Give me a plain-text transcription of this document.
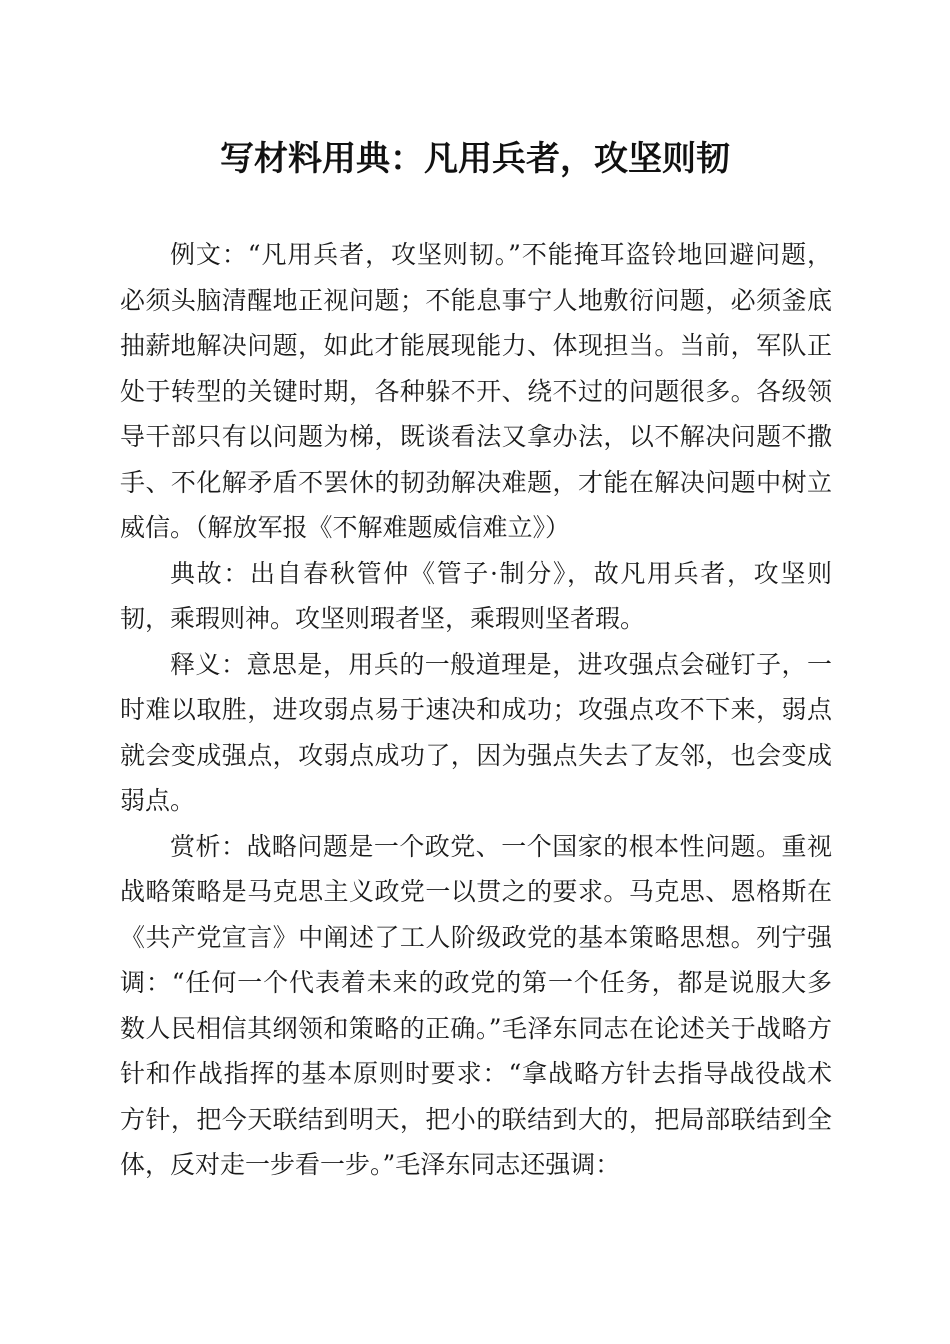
写材料用典：凡用兵者，攻坚则韧

例文：“凡用兵者，攻坚则韧。”不能掩耳盗铃地回避问题，必须头脑清醒地正视问题；不能息事宁人地敷衍问题，必须釜底抽薪地解决问题，如此才能展现能力、体现担当。当前，军队正处于转型的关键时期，各种躲不开、绕不过的问题很多。各级领导干部只有以问题为梯，既谈看法又拿办法，以不解决问题不撒手、不化解矛盾不罢休的韧劲解决难题，才能在解决问题中树立威信。（解放军报《不解难题威信难立》）

典故：出自春秋管仲《管子·制分》，故凡用兵者，攻坚则韧，乘瑕则神。攻坚则瑕者坚，乘瑕则坚者瑕。

释义：意思是，用兵的一般道理是，进攻强点会碰钉子，一时难以取胜，进攻弱点易于速决和成功；攻强点攻不下来，弱点就会变成强点，攻弱点成功了，因为强点失去了友邻，也会变成弱点。

赏析：战略问题是一个政党、一个国家的根本性问题。重视战略策略是马克思主义政党一以贯之的要求。马克思、恩格斯在《共产党宣言》中阐述了工人阶级政党的基本策略思想。列宁强调：“任何一个代表着未来的政党的第一个任务，都是说服大多数人民相信其纲领和策略的正确。”毛泽东同志在论述关于战略方针和作战指挥的基本原则时要求：“拿战略方针去指导战役战术方针，把今天联结到明天，把小的联结到大的，把局部联结到全体，反对走一步看一步。”毛泽东同志还强调：
